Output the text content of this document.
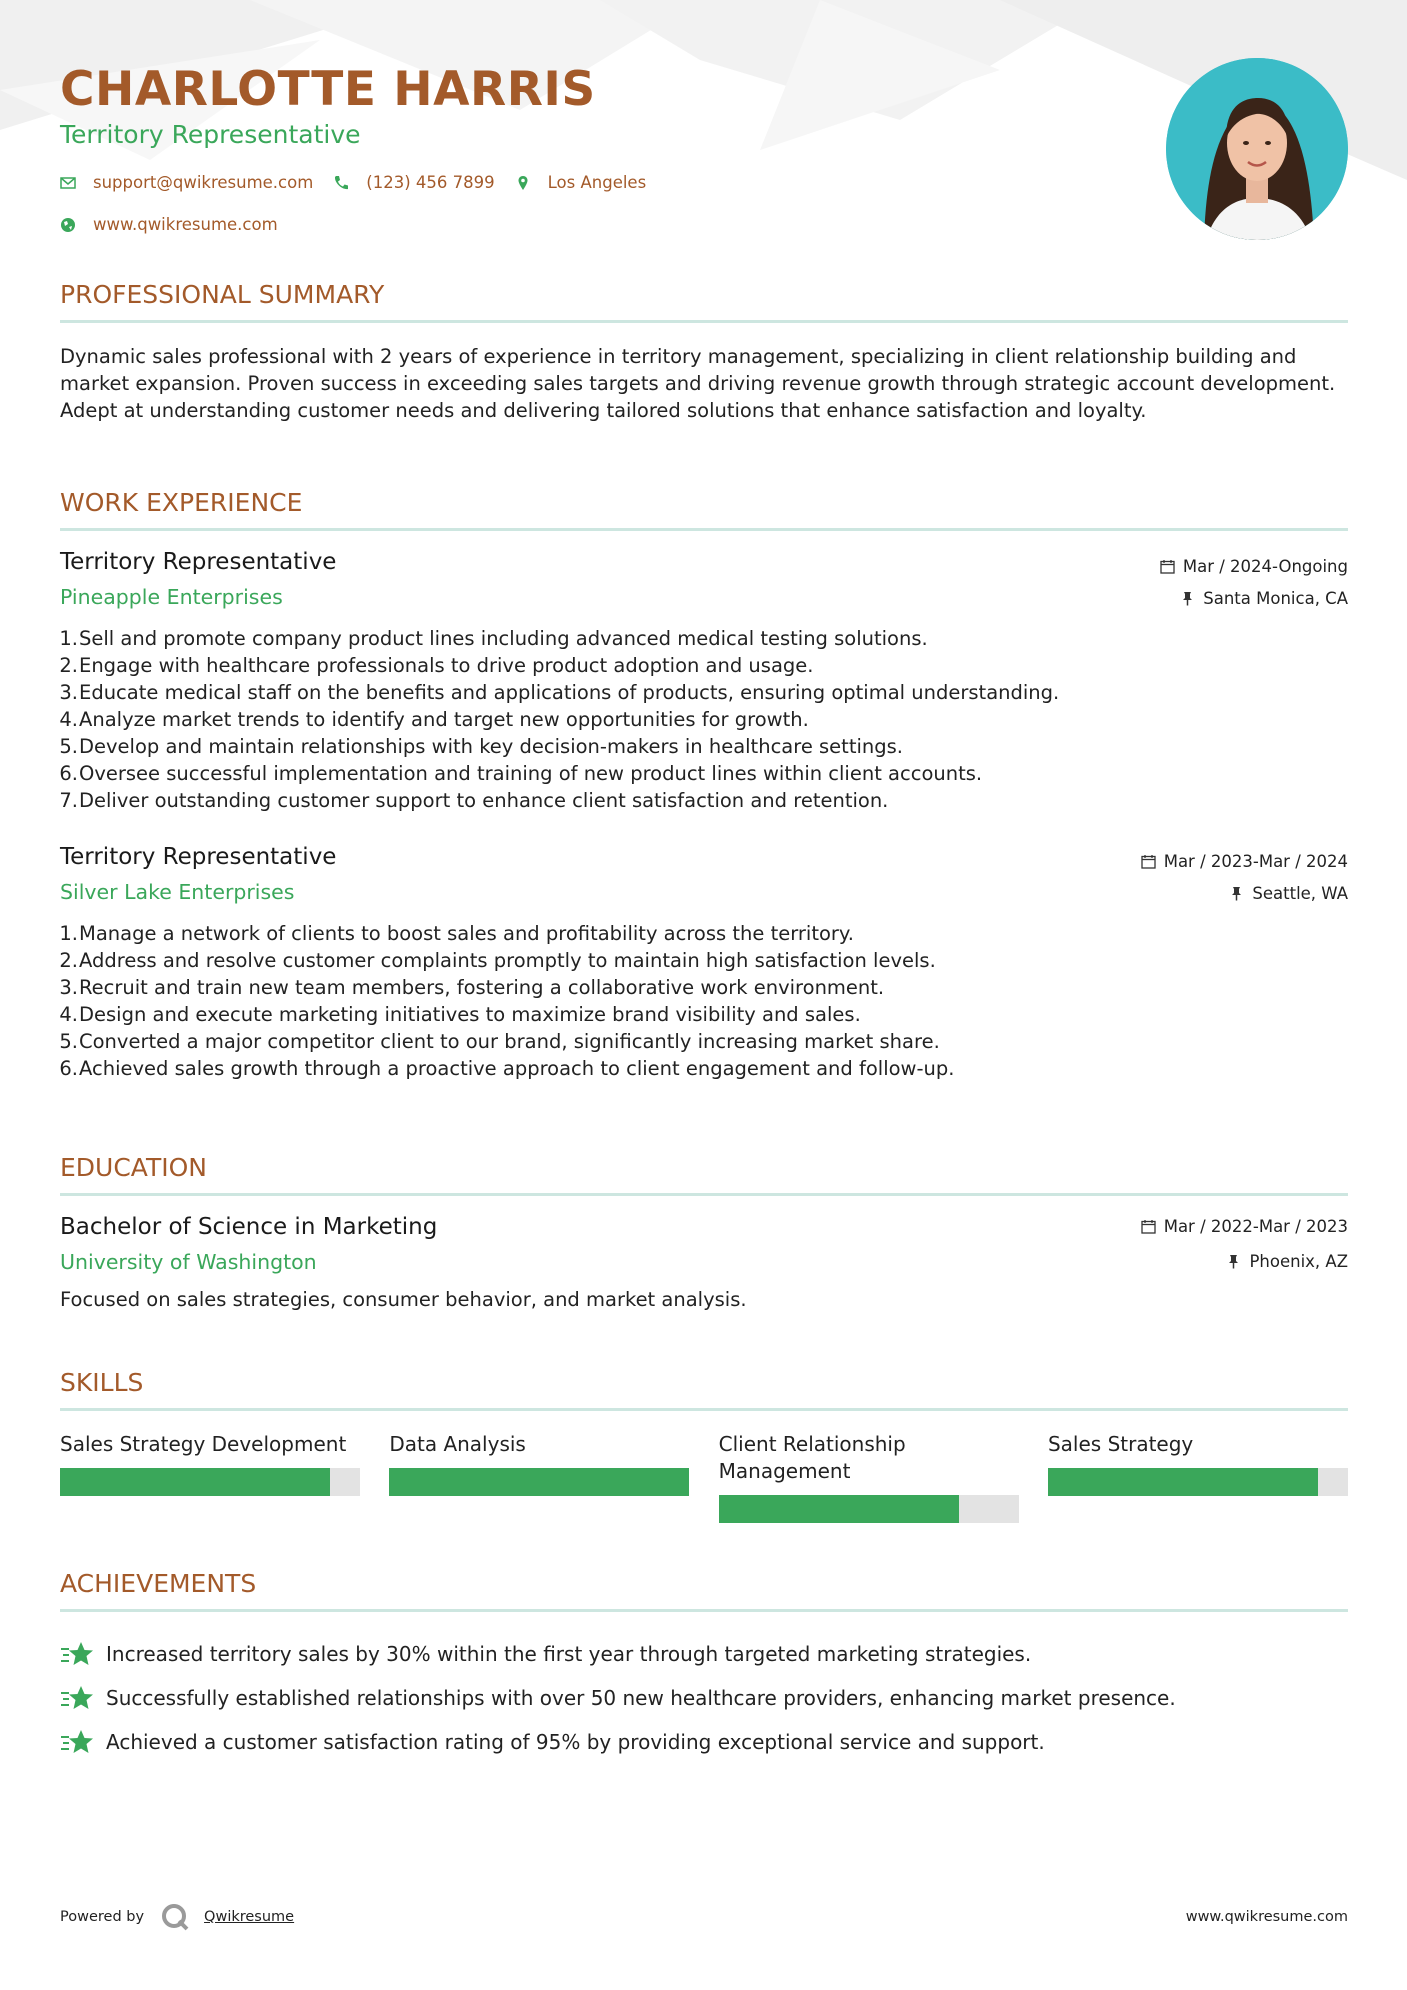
CHARLOTTE HARRIS
Territory Representative
support@qwikresume.com	(123) 456 7899	Los Angeles
www.qwikresume.com
PROFESSIONAL SUMMARY
Dynamic sales professional with 2 years of experience in territory management, specializing in client relationship building and market expansion. Proven success in exceeding sales targets and driving revenue growth through strategic account development. Adept at understanding customer needs and delivering tailored solutions that enhance satisfaction and loyalty.
WORK EXPERIENCE
Territory Representative
Pineapple Enterprises
Mar / 2024-Ongoing
Santa Monica, CA
1. Sell and promote company product lines including advanced medical testing solutions.
2. Engage with healthcare professionals to drive product adoption and usage.
3. Educate medical staff on the benefits and applications of products, ensuring optimal understanding.
4. Analyze market trends to identify and target new opportunities for growth.
5. Develop and maintain relationships with key decision-makers in healthcare settings.
6. Oversee successful implementation and training of new product lines within client accounts.
7. Deliver outstanding customer support to enhance client satisfaction and retention.
Territory Representative
Silver Lake Enterprises
Mar / 2023-Mar / 2024
Seattle, WA
1. Manage a network of clients to boost sales and profitability across the territory.
2. Address and resolve customer complaints promptly to maintain high satisfaction levels.
3. Recruit and train new team members, fostering a collaborative work environment.
4. Design and execute marketing initiatives to maximize brand visibility and sales.
5. Converted a major competitor client to our brand, significantly increasing market share.
6. Achieved sales growth through a proactive approach to client engagement and follow-up.
EDUCATION
Bachelor of Science in Marketing
University of Washington
Mar / 2022-Mar / 2023
Phoenix, AZ
Focused on sales strategies, consumer behavior, and market analysis.
SKILLS
Sales Strategy Development	Data Analysis	Client Relationship Management
Sales Strategy
ACHIEVEMENTS
Increased territory sales by 30% within the first year through targeted marketing strategies.
Successfully established relationships with over 50 new healthcare providers, enhancing market presence.
Achieved a customer satisfaction rating of 95% by providing exceptional service and support.
Powered by	Qwikresume	www.qwikresume.com
